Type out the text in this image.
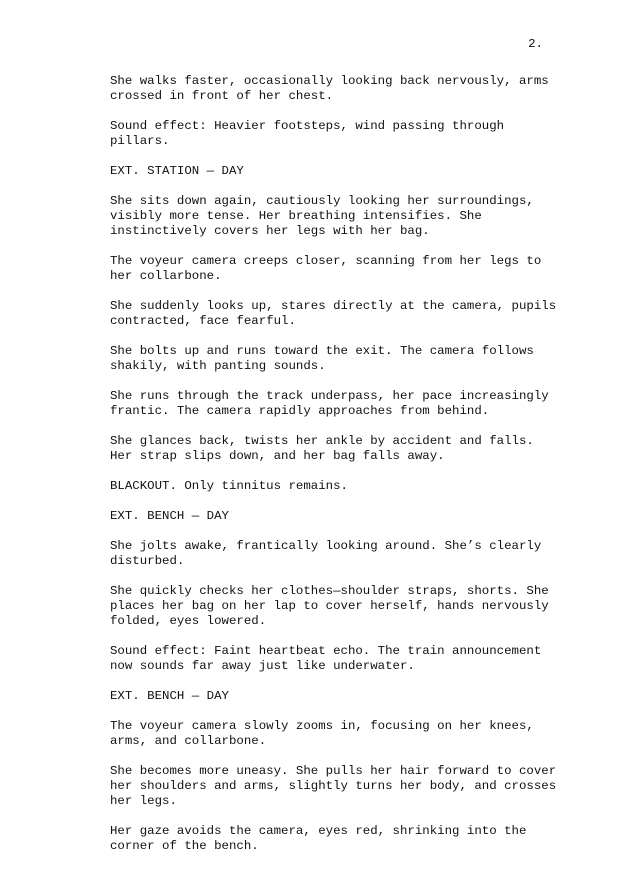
2.

She walks faster, occasionally looking back nervously, arms
crossed in front of her chest.

Sound effect: Heavier footsteps, wind passing through
pillars.

EXT. STATION — DAY

She sits down again, cautiously looking her surroundings,
visibly more tense. Her breathing intensifies. She
instinctively covers her legs with her bag.

The voyeur camera creeps closer, scanning from her legs to
her collarbone.

She suddenly looks up, stares directly at the camera, pupils
contracted, face fearful.

She bolts up and runs toward the exit. The camera follows
shakily, with panting sounds.

She runs through the track underpass, her pace increasingly
frantic. The camera rapidly approaches from behind.

She glances back, twists her ankle by accident and falls.
Her strap slips down, and her bag falls away.

BLACKOUT. Only tinnitus remains.

EXT. BENCH — DAY

She jolts awake, frantically looking around. She’s clearly
disturbed.

She quickly checks her clothes—shoulder straps, shorts. She
places her bag on her lap to cover herself, hands nervously
folded, eyes lowered.

Sound effect: Faint heartbeat echo. The train announcement
now sounds far away just like underwater.

EXT. BENCH — DAY

The voyeur camera slowly zooms in, focusing on her knees,
arms, and collarbone.

She becomes more uneasy. She pulls her hair forward to cover
her shoulders and arms, slightly turns her body, and crosses
her legs.

Her gaze avoids the camera, eyes red, shrinking into the
corner of the bench.
